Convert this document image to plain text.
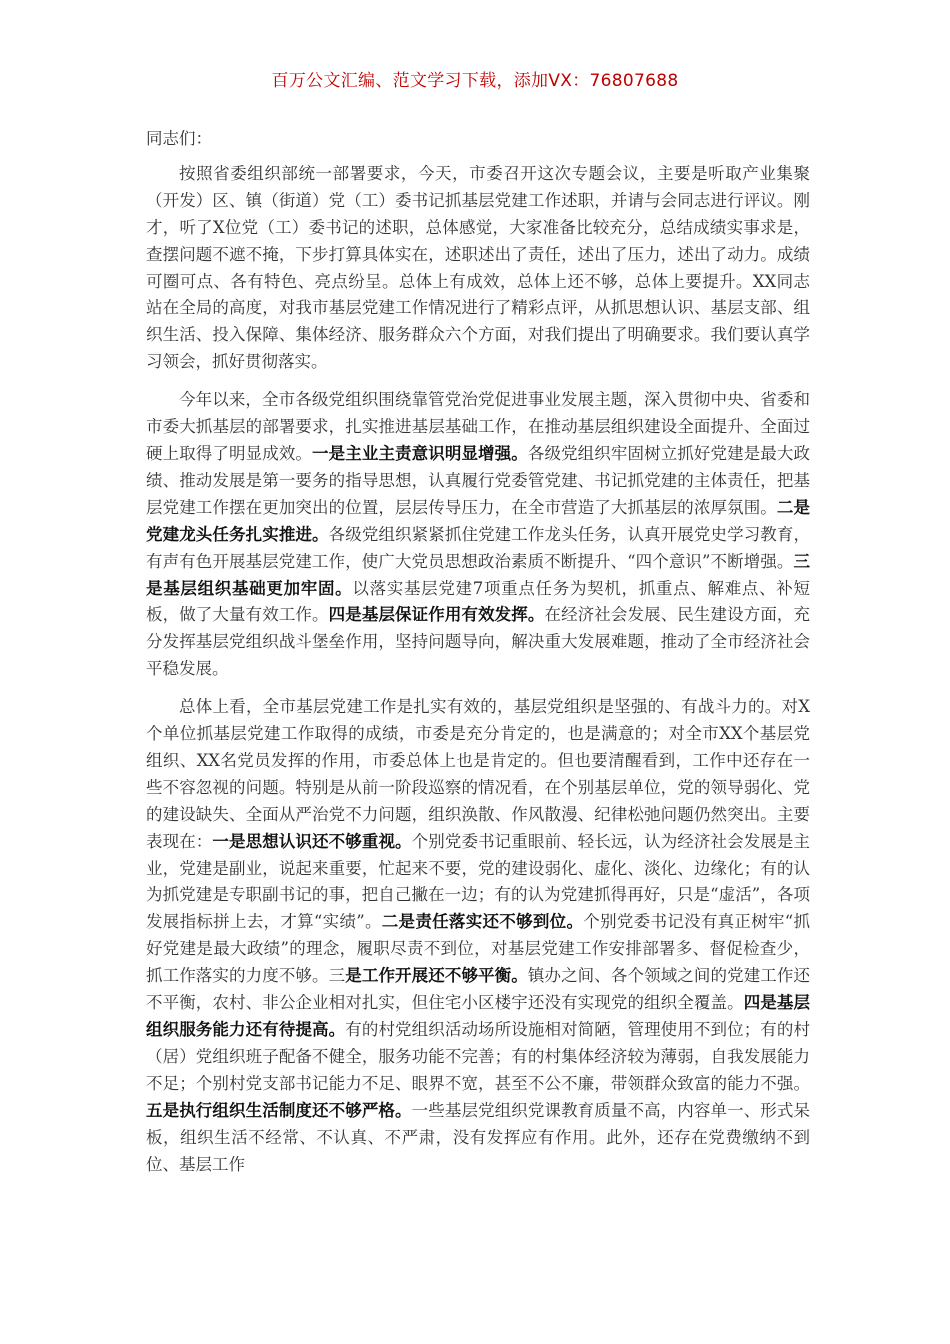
百万公文汇编、范文学习下载，添加VX：76807688

同志们：

按照省委组织部统一部署要求，今天，市委召开这次专题会议，主要是听取产业集聚（开发）区、镇（街道）党（工）委书记抓基层党建工作述职，并请与会同志进行评议。刚才，听了X位党（工）委书记的述职，总体感觉，大家准备比较充分，总结成绩实事求是，查摆问题不遮不掩，下步打算具体实在，述职述出了责任，述出了压力，述出了动力。成绩可圈可点、各有特色、亮点纷呈。总体上有成效，总体上还不够，总体上要提升。XX同志站在全局的高度，对我市基层党建工作情况进行了精彩点评，从抓思想认识、基层支部、组织生活、投入保障、集体经济、服务群众六个方面，对我们提出了明确要求。我们要认真学习领会，抓好贯彻落实。

今年以来，全市各级党组织围绕靠管党治党促进事业发展主题，深入贯彻中央、省委和市委大抓基层的部署要求，扎实推进基层基础工作，在推动基层组织建设全面提升、全面过硬上取得了明显成效。一是主业主责意识明显增强。各级党组织牢固树立抓好党建是最大政绩、推动发展是第一要务的指导思想，认真履行党委管党建、书记抓党建的主体责任，把基层党建工作摆在更加突出的位置，层层传导压力，在全市营造了大抓基层的浓厚氛围。二是党建龙头任务扎实推进。各级党组织紧紧抓住党建工作龙头任务，认真开展党史学习教育，有声有色开展基层党建工作，使广大党员思想政治素质不断提升、“四个意识”不断增强。三是基层组织基础更加牢固。以落实基层党建7项重点任务为契机，抓重点、解难点、补短板，做了大量有效工作。四是基层保证作用有效发挥。在经济社会发展、民生建设方面，充分发挥基层党组织战斗堡垒作用，坚持问题导向，解决重大发展难题，推动了全市经济社会平稳发展。

总体上看，全市基层党建工作是扎实有效的，基层党组织是坚强的、有战斗力的。对X个单位抓基层党建工作取得的成绩，市委是充分肯定的，也是满意的；对全市XX个基层党组织、XX名党员发挥的作用，市委总体上也是肯定的。但也要清醒看到，工作中还存在一些不容忽视的问题。特别是从前一阶段巡察的情况看，在个别基层单位，党的领导弱化、党的建设缺失、全面从严治党不力问题，组织涣散、作风散漫、纪律松弛问题仍然突出。主要表现在：一是思想认识还不够重视。个别党委书记重眼前、轻长远，认为经济社会发展是主业，党建是副业，说起来重要，忙起来不要，党的建设弱化、虚化、淡化、边缘化；有的认为抓党建是专职副书记的事，把自己撇在一边；有的认为党建抓得再好，只是“虚活”，各项发展指标拼上去，才算“实绩”。二是责任落实还不够到位。个别党委书记没有真正树牢“抓好党建是最大政绩”的理念，履职尽责不到位，对基层党建工作安排部署多、督促检查少，抓工作落实的力度不够。三是工作开展还不够平衡。镇办之间、各个领域之间的党建工作还不平衡，农村、非公企业相对扎实，但住宅小区楼宇还没有实现党的组织全覆盖。四是基层组织服务能力还有待提高。有的村党组织活动场所设施相对简陋，管理使用不到位；有的村（居）党组织班子配备不健全，服务功能不完善；有的村集体经济较为薄弱，自我发展能力不足；个别村党支部书记能力不足、眼界不宽，甚至不公不廉，带领群众致富的能力不强。五是执行组织生活制度还不够严格。一些基层党组织党课教育质量不高，内容单一、形式呆板，组织生活不经常、不认真、不严肃，没有发挥应有作用。此外，还存在党费缴纳不到位、基层工作
